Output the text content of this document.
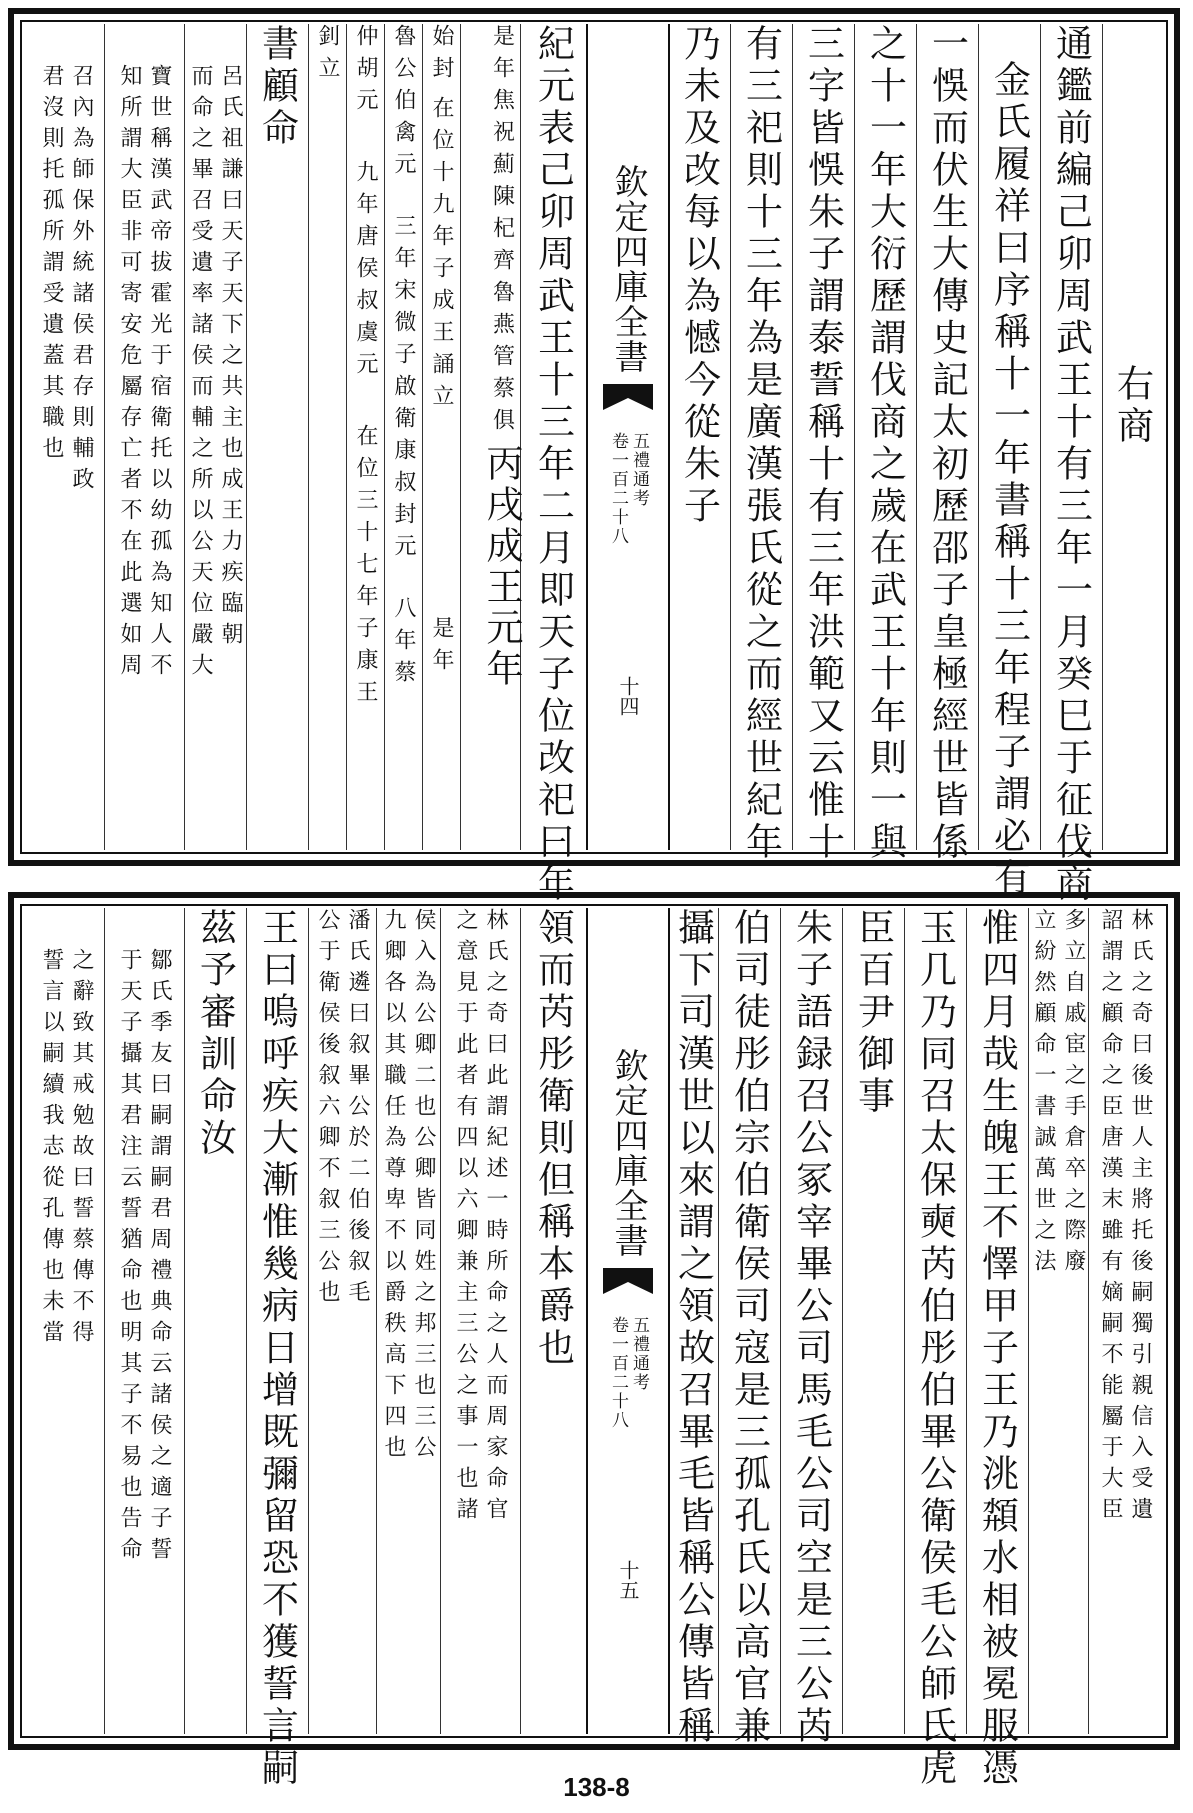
右商
通鑑前編己卯周武王十有三年一月癸巳于征伐商
金氏履祥曰序稱十一年書稱十三年程子謂必有
一悞而伏生大傳史記太初歷邵子皇極經世皆係
之十一年大衍歷謂伐商之歲在武王十年則一與
三字皆悞朱子謂泰誓稱十有三年洪範又云惟十
有三祀則十三年為是廣漢張氏從之而經世紀年
乃未及改每以為憾今從朱子
欽定四庫全書
五禮通考
卷一百二十八
十四
紀元表己卯周武王十三年二月即天子位改祀曰年
是年焦祝薊陳杞齊魯燕管蔡俱
丙戌成王元年
始封
在位十九年子成王誦立
是年
魯公伯禽元
三年宋微子啟衛康叔封元
八年蔡
仲胡元
九年唐侯叔虞元
在位三十七年子康王
釗立
書顧命
呂氏祖謙曰天子天下之共主也成王力疾臨朝
而命之畢召受遺率諸侯而輔之所以公天位嚴大
寶世稱漢武帝拔霍光于宿衛托以幼孤為知人不
知所謂大臣非可寄安危屬存亡者不在此選如周
召內為師保外統諸侯君存則輔政
君沒則托孤所謂受遺蓋其職也
林氏之奇曰後世人主將托後嗣獨引親信入受遺
詔謂之顧命之臣唐漢末雖有嫡嗣不能屬于大臣
多立自戚宦之手倉卒之際廢
立紛然顧命一書誠萬世之法
惟四月哉生魄王不懌甲子王乃洮頮水相被冕服憑
玉几乃同召太保奭芮伯彤伯畢公衛侯毛公師氏虎
臣百尹御事
朱子語録召公冢宰畢公司馬毛公司空是三公芮
伯司徒彤伯宗伯衛侯司寇是三孤孔氏以高官兼
攝下司漢世以來謂之領故召畢毛皆稱公傳皆稱
欽定四庫全書
五禮通考
卷一百二十八
十五
領而芮彤衛則但稱本爵也
林氏之奇曰此謂紀述一時所命之人而周家命官
之意見于此者有四以六卿兼主三公之事一也諸
侯入為公卿二也公卿皆同姓之邦三也三公
九卿各以其職任為尊卑不以爵秩高下四也
潘氏遴曰叙畢公於二伯後叙毛
公于衛侯後叙六卿不叙三公也
王曰嗚呼疾大漸惟幾病日增既彌留恐不獲誓言嗣
茲予審訓命汝
鄒氏季友曰嗣謂嗣君周禮典命云諸侯之適子誓
于天子攝其君注云誓猶命也明其子不易也告命
之辭致其戒勉故曰誓蔡傳不得
誓言以嗣續我志從孔傳也未當
138-8
